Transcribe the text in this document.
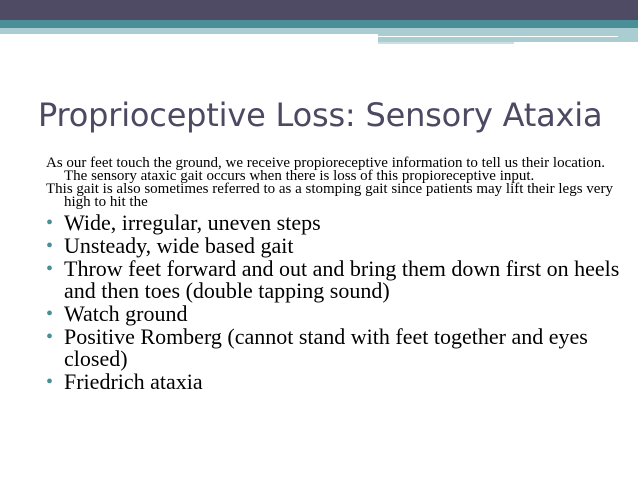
Proprioceptive Loss: Sensory Ataxia

As our feet touch the ground, we receive propioreceptive information to tell us their location. The sensory ataxic gait occurs when there is loss of this propioreceptive input.

This gait is also sometimes referred to as a stomping gait since patients may lift their legs very high to hit the

• Wide, irregular, uneven steps
• Unsteady, wide based gait
• Throw feet forward and out and bring them down first on heels and then toes (double tapping sound)
• Watch ground
• Positive Romberg (cannot stand with feet together and eyes closed)
• Friedrich ataxia
